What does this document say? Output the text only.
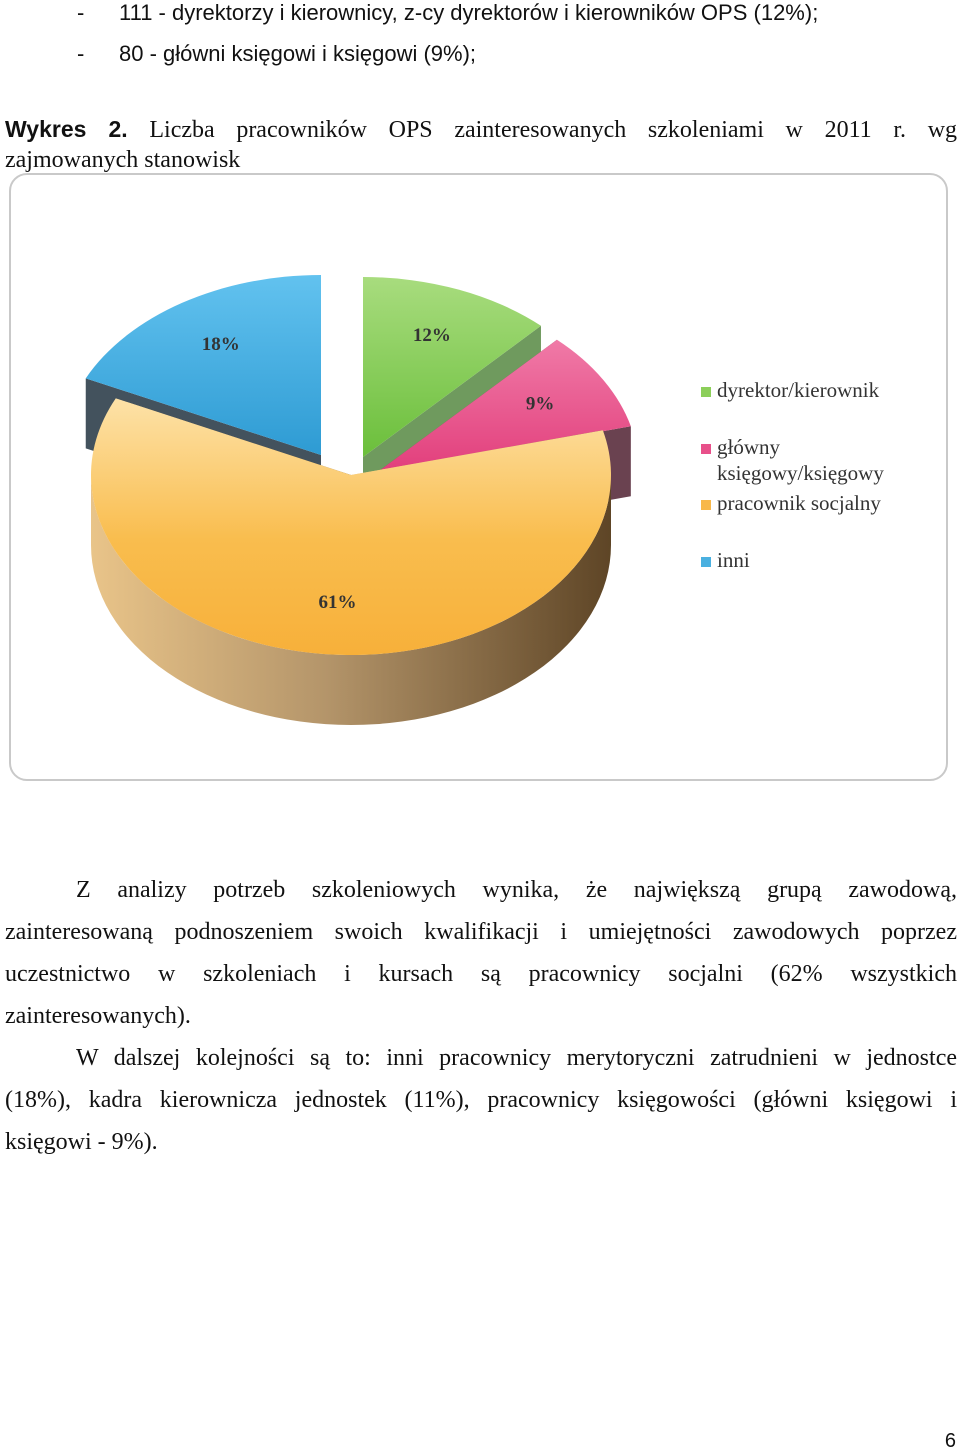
- 111 - dyrektorzy i kierownicy, z-cy dyrektorów i kierowników OPS (12%);
- 80 - główni księgowi i księgowi (9%);
Wykres 2. Liczba pracowników OPS zainteresowanych szkoleniami w 2011 r. wg
zajmowanych stanowisk
12%
9%
61%
18%
dyrektor/kierownik
główny
księgowy/księgowy
pracownik socjalny
inni
Z analizy potrzeb szkoleniowych wynika, że największą grupą zawodową,
zainteresowaną podnoszeniem swoich kwalifikacji i umiejętności zawodowych poprzez
uczestnictwo w szkoleniach i kursach są pracownicy socjalni (62% wszystkich
zainteresowanych).
W dalszej kolejności są to: inni pracownicy merytoryczni zatrudnieni w jednostce
(18%), kadra kierownicza jednostek (11%), pracownicy księgowości (główni księgowi i
księgowi - 9%).
6
